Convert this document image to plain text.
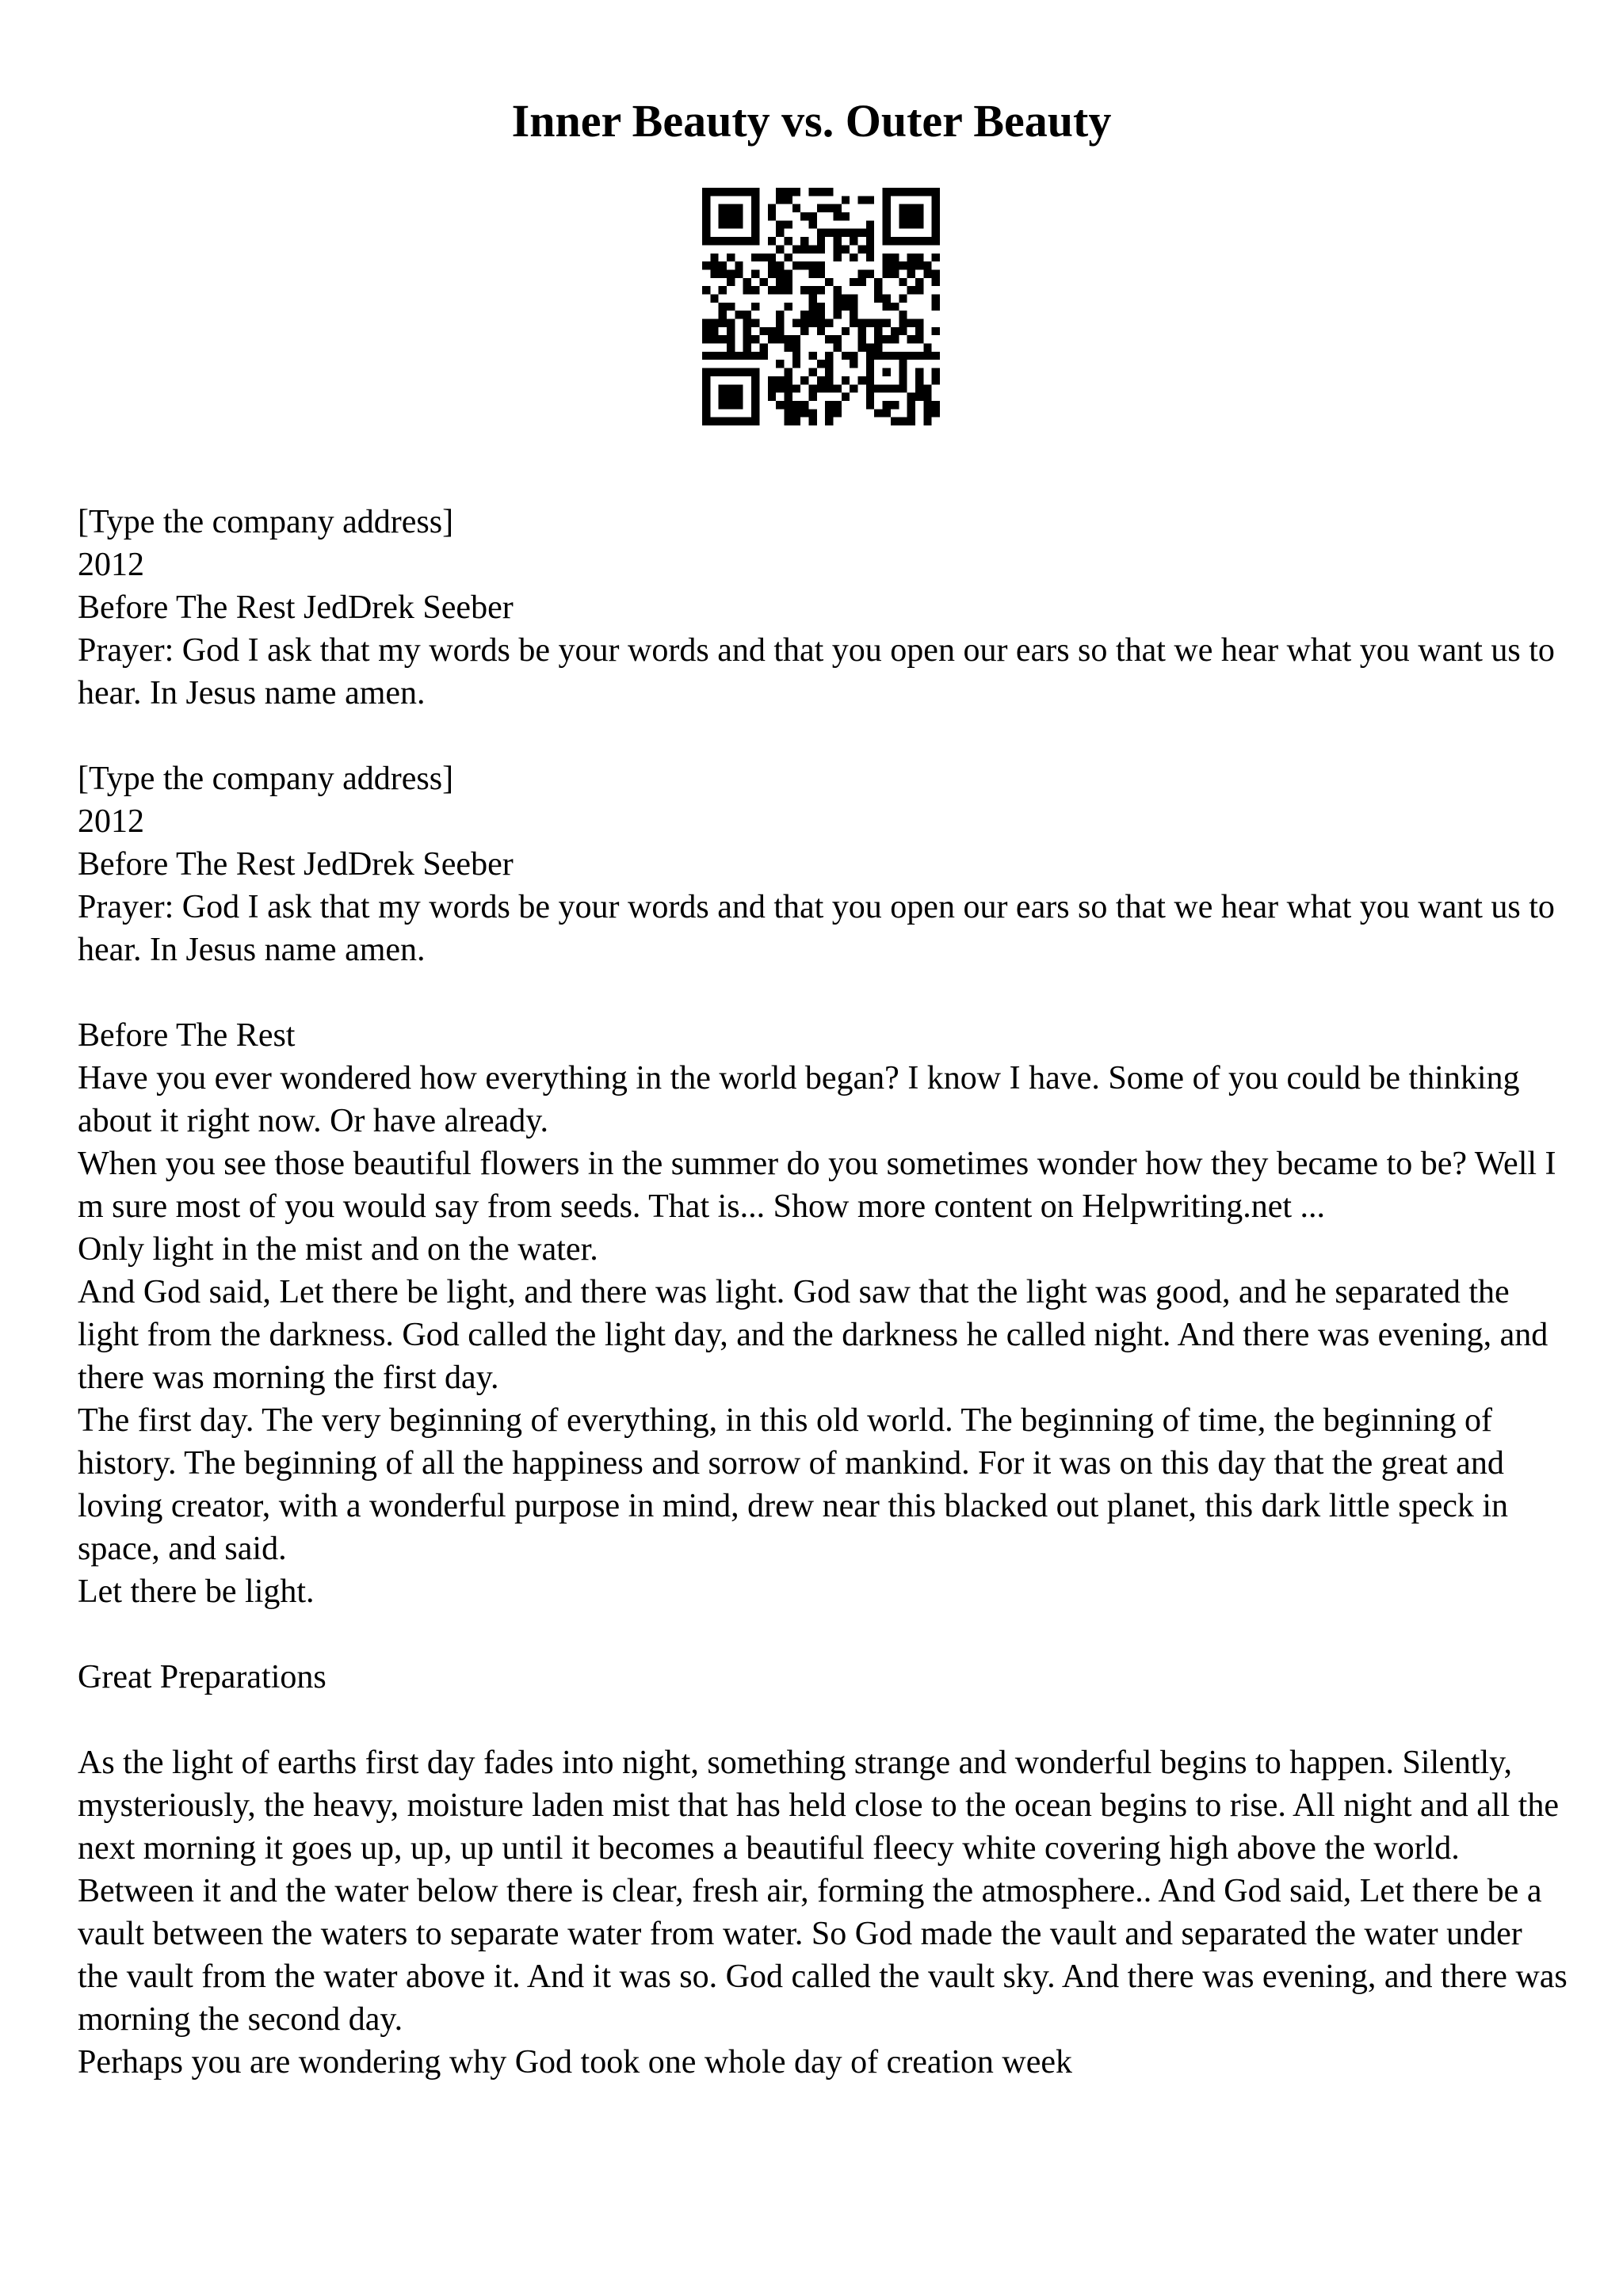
Inner Beauty vs. Outer Beauty

[Type the company address]

2012

Before The Rest JedDrek Seeber

Prayer: God I ask that my words be your words and that you open our ears so that we hear what you want us to hear. In Jesus name amen.

[Type the company address]

2012

Before The Rest JedDrek Seeber

Prayer: God I ask that my words be your words and that you open our ears so that we hear what you want us to hear. In Jesus name amen.

Before The Rest

Have you ever wondered how everything in the world began? I know I have. Some of you could be thinking about it right now. Or have already.

When you see those beautiful flowers in the summer do you sometimes wonder how they became to be? Well I m sure most of you would say from seeds. That is... Show more content on Helpwriting.net ...

Only light in the mist and on the water.

And God said, Let there be light, and there was light. God saw that the light was good, and he separated the light from the darkness. God called the light day, and the darkness he called night. And there was evening, and there was morning the first day.

The first day. The very beginning of everything, in this old world. The beginning of time, the beginning of history. The beginning of all the happiness and sorrow of mankind. For it was on this day that the great and loving creator, with a wonderful purpose in mind, drew near this blacked out planet, this dark little speck in space, and said.

Let there be light.

Great Preparations

As the light of earths first day fades into night, something strange and wonderful begins to happen. Silently, mysteriously, the heavy, moisture laden mist that has held close to the ocean begins to rise. All night and all the next morning it goes up, up, up until it becomes a beautiful fleecy white covering high above the world. Between it and the water below there is clear, fresh air, forming the atmosphere.. And God said, Let there be a vault between the waters to separate water from water. So God made the vault and separated the water under the vault from the water above it. And it was so. God called the vault sky. And there was evening, and there was morning the second day.

Perhaps you are wondering why God took one whole day of creation week
